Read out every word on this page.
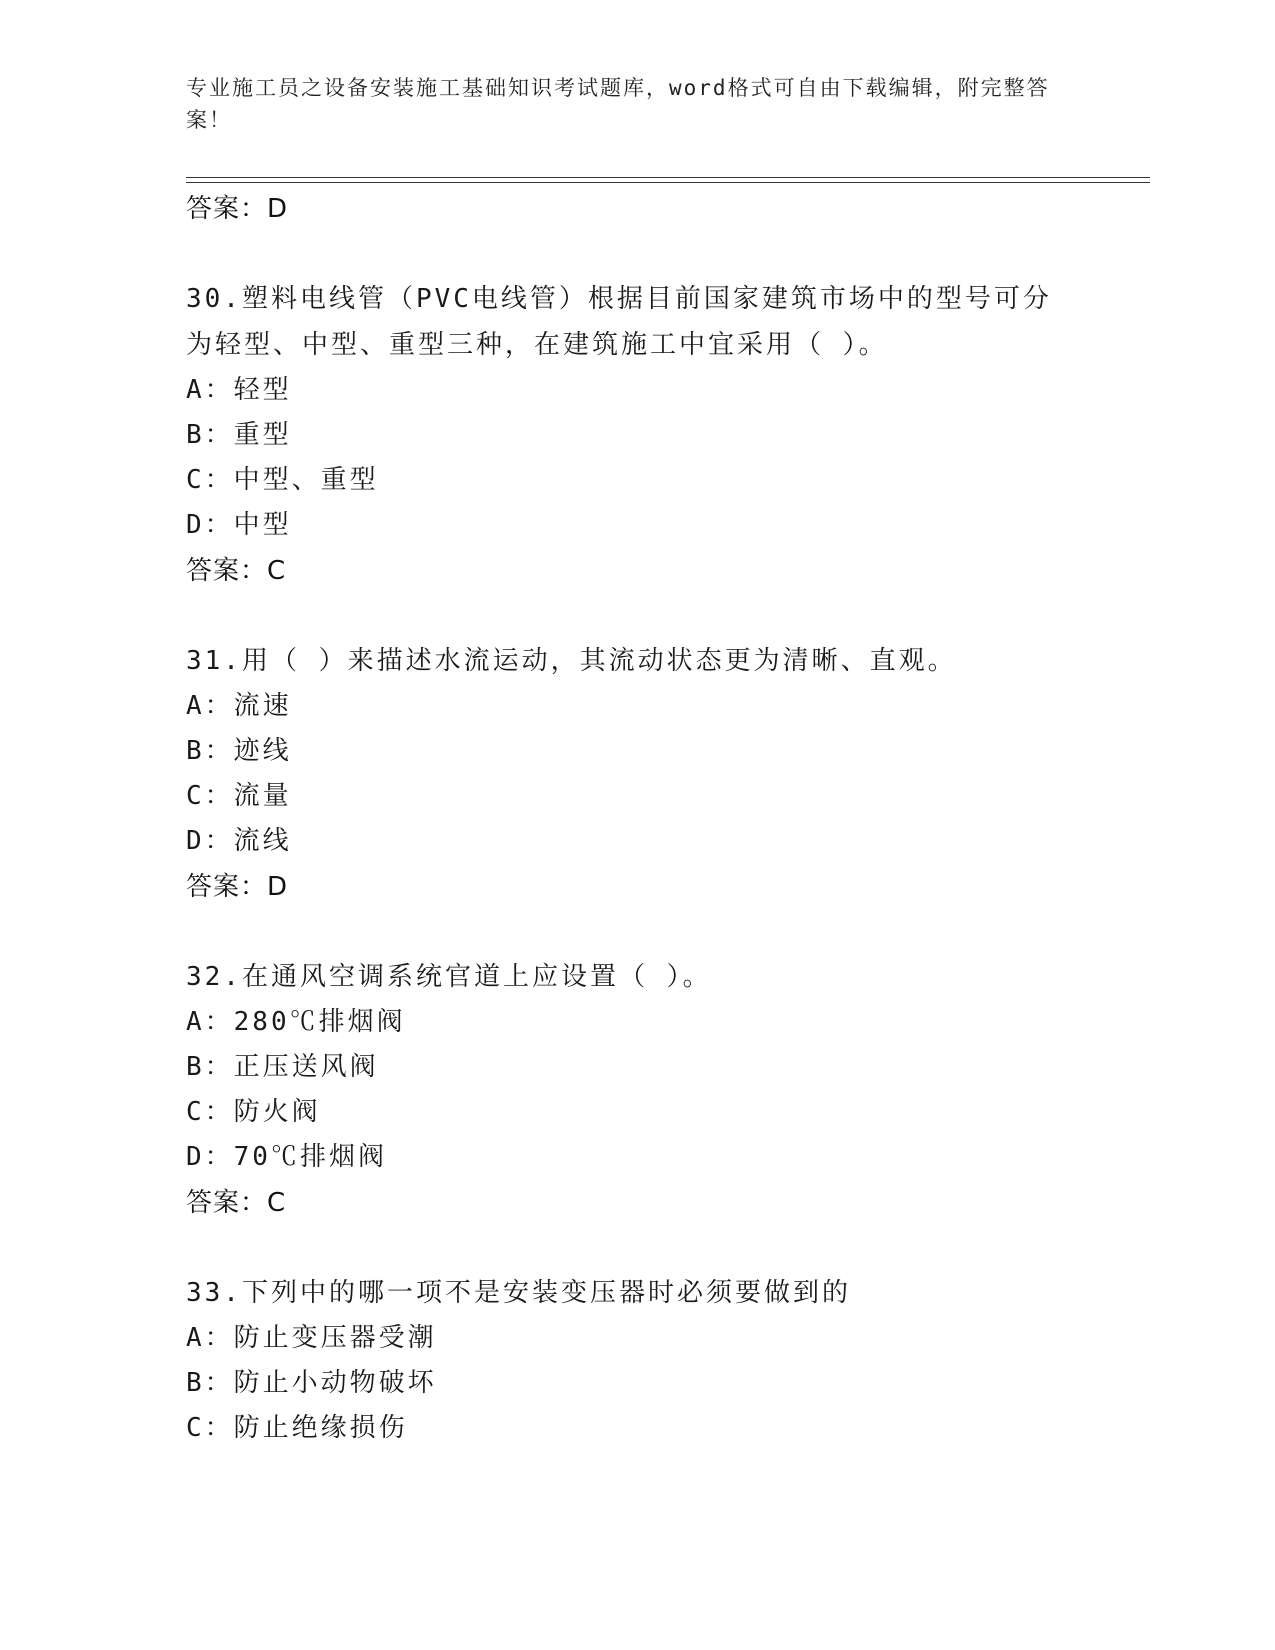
专业施工员之设备安装施工基础知识考试题库，word格式可自由下载编辑，附完整答案！
答案：D
30.塑料电线管（PVC电线管）根据目前国家建筑市场中的型号可分为轻型、中型、重型三种，在建筑施工中宜采用（ ）。
A：轻型
B：重型
C：中型、重型
D：中型
答案：C
31.用（ ）来描述水流运动，其流动状态更为清晰、直观。
A：流速
B：迹线
C：流量
D：流线
答案：D
32.在通风空调系统官道上应设置（ ）。
A：280℃排烟阀
B：正压送风阀
C：防火阀
D：70℃排烟阀
答案：C
33.下列中的哪一项不是安装变压器时必须要做到的
A：防止变压器受潮
B：防止小动物破坏
C：防止绝缘损伤
